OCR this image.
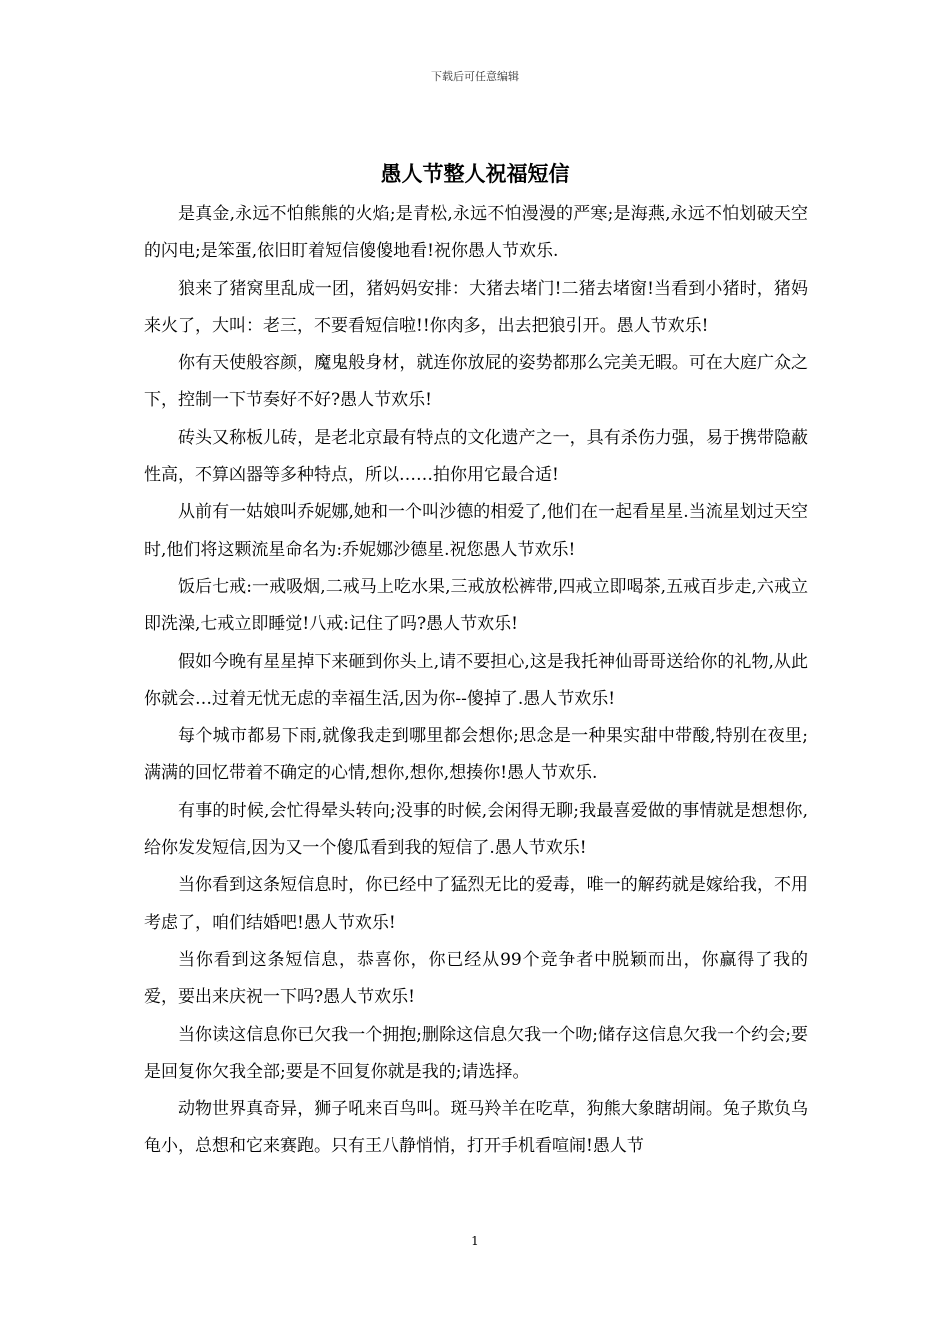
下载后可任意编辑
愚人节整人祝福短信

是真金,永远不怕熊熊的火焰;是青松,永远不怕漫漫的严寒;是海燕,永远不怕划破天空的闪电;是笨蛋,依旧盯着短信傻傻地看!祝你愚人节欢乐.

狼来了猪窝里乱成一团，猪妈妈安排：大猪去堵门!二猪去堵窗!当看到小猪时，猪妈来火了，大叫：老三，不要看短信啦!!你肉多，出去把狼引开。愚人节欢乐!

你有天使般容颜，魔鬼般身材，就连你放屁的姿势都那么完美无暇。可在大庭广众之下，控制一下节奏好不好?愚人节欢乐!

砖头又称板儿砖，是老北京最有特点的文化遗产之一，具有杀伤力强，易于携带隐蔽性高，不算凶器等多种特点，所以……拍你用它最合适!

从前有一姑娘叫乔妮娜,她和一个叫沙德的相爱了,他们在一起看星星.当流星划过天空时,他们将这颗流星命名为:乔妮娜沙德星.祝您愚人节欢乐!

饭后七戒:一戒吸烟,二戒马上吃水果,三戒放松裤带,四戒立即喝茶,五戒百步走,六戒立即洗澡,七戒立即睡觉!八戒:记住了吗?愚人节欢乐!

假如今晚有星星掉下来砸到你头上,请不要担心,这是我托神仙哥哥送给你的礼物,从此你就会…过着无忧无虑的幸福生活,因为你--傻掉了.愚人节欢乐!

每个城市都易下雨,就像我走到哪里都会想你;思念是一种果实甜中带酸,特别在夜里;满满的回忆带着不确定的心情,想你,想你,想揍你!愚人节欢乐.

有事的时候,会忙得晕头转向;没事的时候,会闲得无聊;我最喜爱做的事情就是想想你,给你发发短信,因为又一个傻瓜看到我的短信了.愚人节欢乐!

当你看到这条短信息时，你已经中了猛烈无比的爱毒，唯一的解药就是嫁给我，不用考虑了，咱们结婚吧!愚人节欢乐!

当你看到这条短信息，恭喜你，你已经从99个竞争者中脱颖而出，你赢得了我的爱，要出来庆祝一下吗?愚人节欢乐!

当你读这信息你已欠我一个拥抱;删除这信息欠我一个吻;储存这信息欠我一个约会;要是回复你欠我全部;要是不回复你就是我的;请选择。

动物世界真奇异，狮子吼来百鸟叫。斑马羚羊在吃草，狗熊大象瞎胡闹。兔子欺负乌龟小，总想和它来赛跑。只有王八静悄悄，打开手机看喧闹!愚人节

1
